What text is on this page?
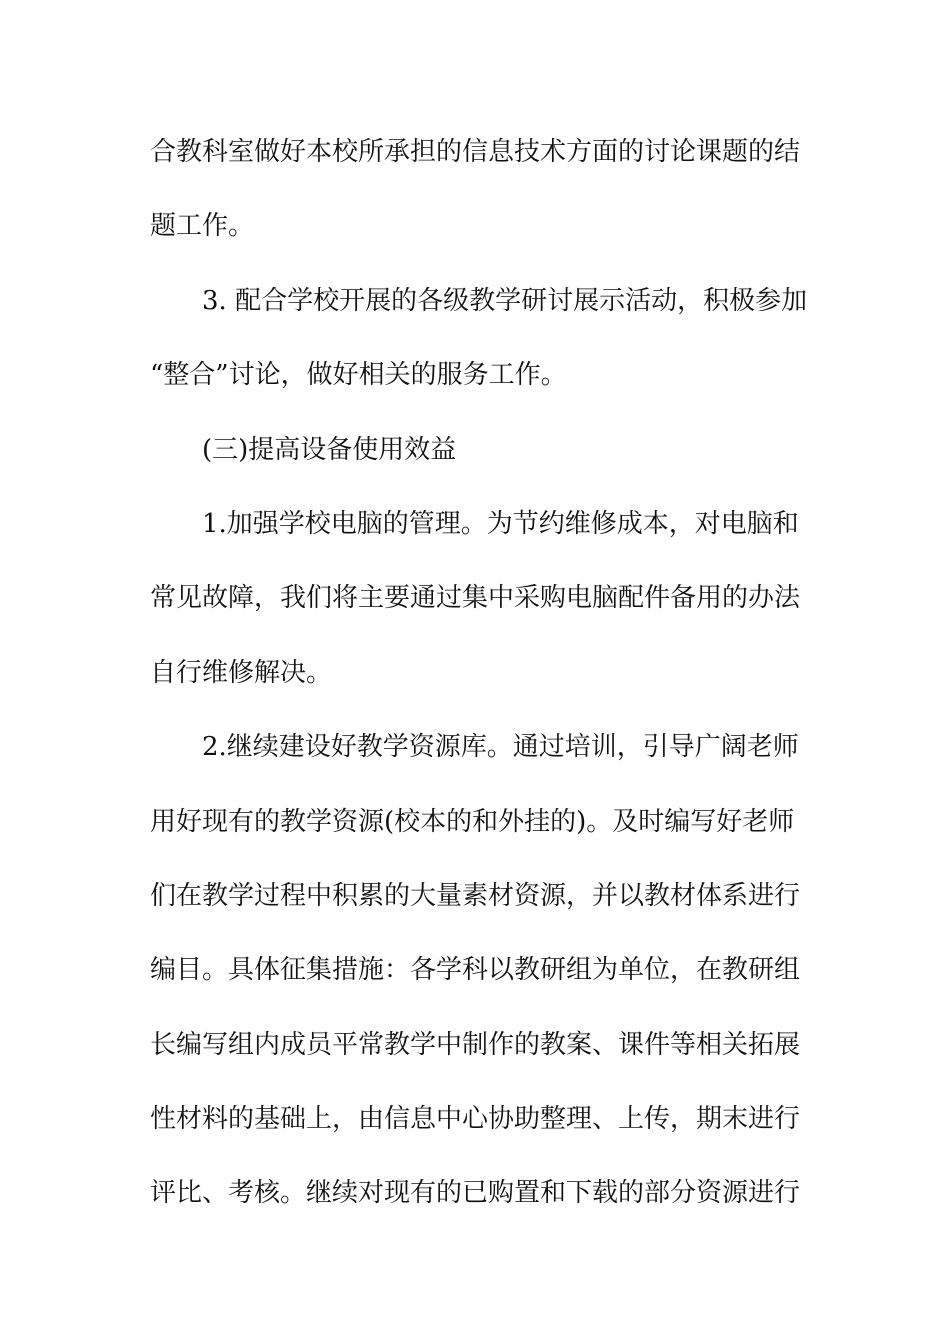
合教科室做好本校所承担的信息技术方面的讨论课题的结
题工作。
3. 配合学校开展的各级教学研讨展示活动，积极参加
“整合”讨论，做好相关的服务工作。
(三)提高设备使用效益
1.加强学校电脑的管理。为节约维修成本，对电脑和
常见故障，我们将主要通过集中采购电脑配件备用的办法
自行维修解决。
2.继续建设好教学资源库。通过培训，引导广阔老师
用好现有的教学资源(校本的和外挂的)。及时编写好老师
们在教学过程中积累的大量素材资源，并以教材体系进行
编目。具体征集措施：各学科以教研组为单位，在教研组
长编写组内成员平常教学中制作的教案、课件等相关拓展
性材料的基础上，由信息中心协助整理、上传，期末进行
评比、考核。继续对现有的已购置和下载的部分资源进行
